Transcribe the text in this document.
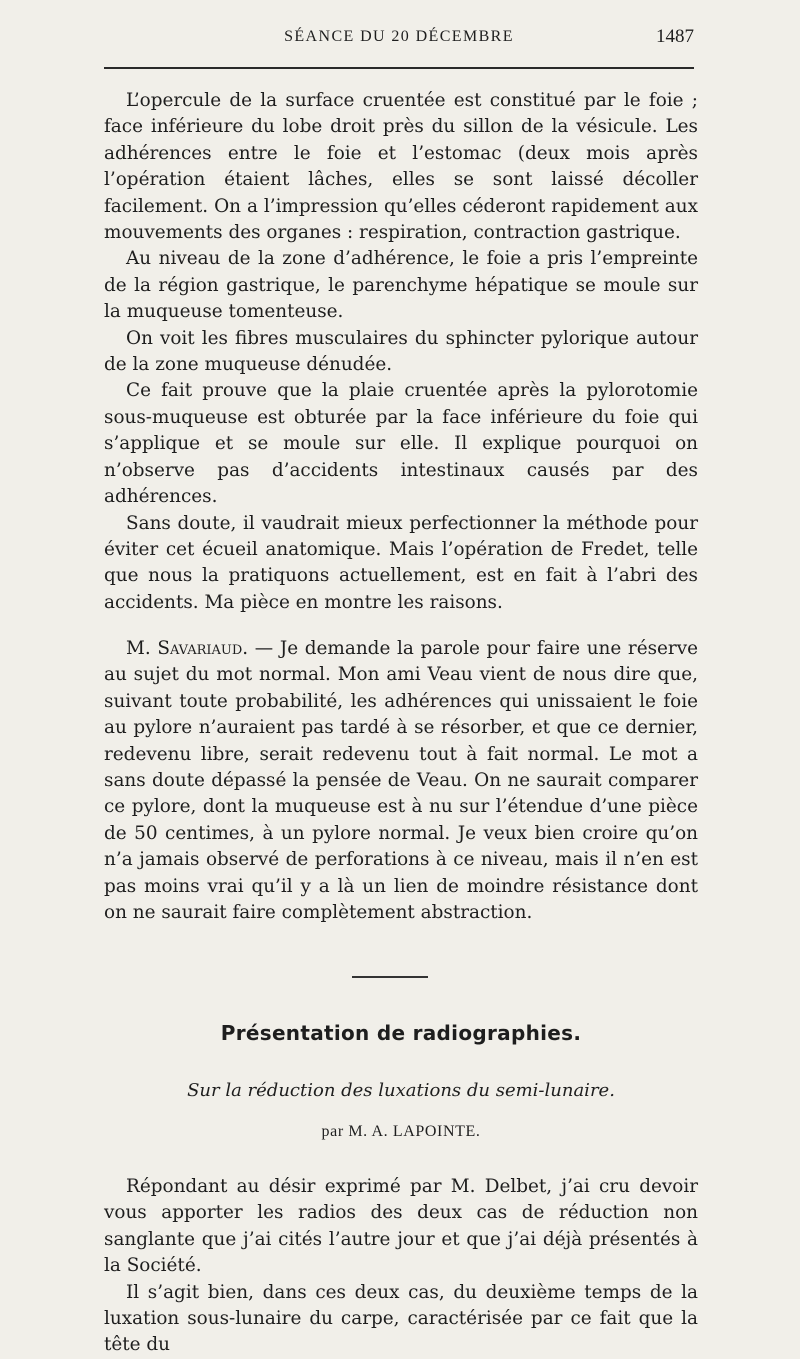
SÉANCE DU 20 DÉCEMBRE	1487

L’opercule de la surface cruentée est constitué par le foie ; face inférieure du lobe droit près du sillon de la vésicule. Les adhérences entre le foie et l’estomac (deux mois après l’opération étaient lâches, elles se sont laissé décoller facilement. On a l’impression qu’elles céderont rapidement aux mouvements des organes : respiration, contraction gastrique.

Au niveau de la zone d’adhérence, le foie a pris l’empreinte de la région gastrique, le parenchyme hépatique se moule sur la muqueuse tomenteuse.

On voit les fibres musculaires du sphincter pylorique autour de la zone muqueuse dénudée.

Ce fait prouve que la plaie cruentée après la pylorotomie sous-muqueuse est obturée par la face inférieure du foie qui s’applique et se moule sur elle. Il explique pourquoi on n’observe pas d’accidents intestinaux causés par des adhérences.

Sans doute, il vaudrait mieux perfectionner la méthode pour éviter cet écueil anatomique. Mais l’opération de Fredet, telle que nous la pratiquons actuellement, est en fait à l’abri des accidents. Ma pièce en montre les raisons.

M. Savariaud. — Je demande la parole pour faire une réserve au sujet du mot normal. Mon ami Veau vient de nous dire que, suivant toute probabilité, les adhérences qui unissaient le foie au pylore n’auraient pas tardé à se résorber, et que ce dernier, redevenu libre, serait redevenu tout à fait normal. Le mot a sans doute dépassé la pensée de Veau. On ne saurait comparer ce pylore, dont la muqueuse est à nu sur l’étendue d’une pièce de 50 centimes, à un pylore normal. Je veux bien croire qu’on n’a jamais observé de perforations à ce niveau, mais il n’en est pas moins vrai qu’il y a là un lien de moindre résistance dont on ne saurait faire complètement abstraction.

Présentation de radiographies.
Sur la réduction des luxations du semi-lunaire.
par M. A. LAPOINTE.

Répondant au désir exprimé par M. Delbet, j’ai cru devoir vous apporter les radios des deux cas de réduction non sanglante que j’ai cités l’autre jour et que j’ai déjà présentés à la Société.

Il s’agit bien, dans ces deux cas, du deuxième temps de la luxation sous-lunaire du carpe, caractérisée par ce fait que la tête du
